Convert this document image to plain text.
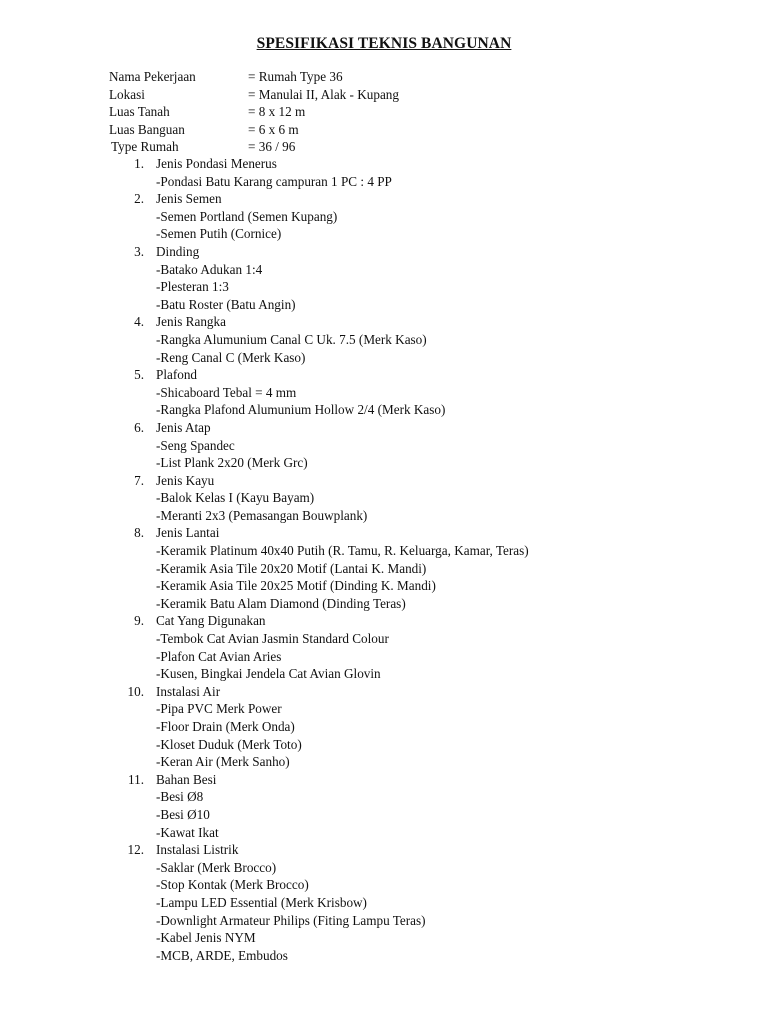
SPESIFIKASI TEKNIS BANGUNAN
Nama Pekerjaan	= Rumah Type 36
Lokasi	= Manulai II, Alak - Kupang
Luas Tanah	= 8 x 12 m
Luas Banguan	= 6 x 6 m
Type Rumah	= 36 / 96
1. Jenis Pondasi Menerus
-Pondasi Batu Karang campuran 1 PC : 4 PP
2. Jenis Semen
-Semen Portland (Semen Kupang)
-Semen Putih (Cornice)
3. Dinding
-Batako Adukan 1:4
-Plesteran 1:3
-Batu Roster (Batu Angin)
4. Jenis Rangka
-Rangka Alumunium Canal C Uk. 7.5 (Merk Kaso)
-Reng Canal C (Merk Kaso)
5. Plafond
-Shicaboard Tebal = 4 mm
-Rangka Plafond Alumunium Hollow 2/4 (Merk Kaso)
6. Jenis Atap
-Seng Spandec
-List Plank 2x20 (Merk Grc)
7. Jenis Kayu
-Balok Kelas I (Kayu Bayam)
-Meranti 2x3 (Pemasangan Bouwplank)
8. Jenis Lantai
-Keramik Platinum 40x40 Putih (R. Tamu, R. Keluarga, Kamar, Teras)
-Keramik Asia Tile 20x20 Motif (Lantai K. Mandi)
-Keramik Asia Tile 20x25 Motif (Dinding K. Mandi)
-Keramik Batu Alam Diamond (Dinding Teras)
9. Cat Yang Digunakan
-Tembok Cat Avian Jasmin Standard Colour
-Plafon Cat Avian Aries
-Kusen, Bingkai Jendela Cat Avian Glovin
10. Instalasi Air
-Pipa PVC Merk Power
-Floor Drain (Merk Onda)
-Kloset Duduk (Merk Toto)
-Keran Air (Merk Sanho)
11. Bahan Besi
-Besi Ø8
-Besi Ø10
-Kawat Ikat
12. Instalasi Listrik
-Saklar (Merk Brocco)
-Stop Kontak (Merk Brocco)
-Lampu LED Essential (Merk Krisbow)
-Downlight Armateur Philips (Fiting Lampu Teras)
-Kabel Jenis NYM
-MCB, ARDE, Embudos
